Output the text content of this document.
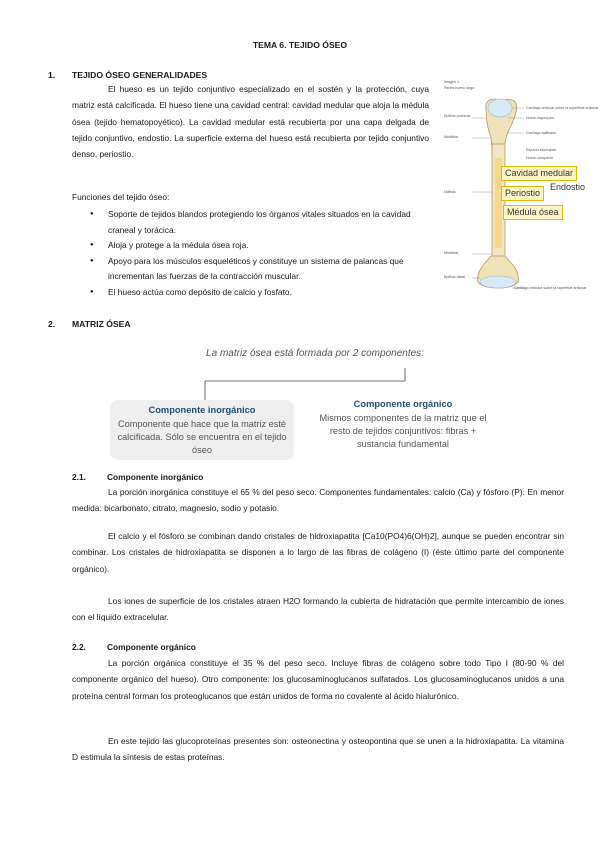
TEMA 6. TEJIDO ÓSEO
1. TEJIDO ÓSEO GENERALIDADES
El hueso es un tejido conjuntivo especializado en el sostén y la protección, cuya matriz está calcificada. El hueso tiene una cavidad central: cavidad medular que aloja la médula ósea (tejido hematopoyético). La cavidad medular está recubierta por una capa delgada de tejido conjuntivo, endostio. La superficie externa del hueso está recubierta por tejido conjuntivo denso, periostio.
Funciones del tejido óseo:
● Soporte de tejidos blandos protegiendo los órganos vitales situados en la cavidad craneal y torácica.
● Aloja y protege a la médula ósea roja.
● Apoyo para los músculos esqueléticos y constituye un sistema de palancas que incrementan las fuerzas de la contracción muscular.
● El hueso actúa como depósito de calcio y fosfato.
Imagen 1.
Partes hueso largo
Epífisis proximal
Metáfisis
Diáfisis
Metáfisis
Epífisis distal
Cartílago articular sobre la superficie articular
Hueso esponjoso
Cartílago epifisario
Espacio esponjoso
Hueso compacto
Cartílago articular sobre la superficie articular
Cavidad medular
Endostio
Periostio
Médula ósea
2. MATRIZ ÓSEA
La matriz ósea está formada por 2 componentes:
Componente inorgánico
Componente que hace que la matriz esté calcificada. Sólo se encuentra en el tejido óseo
Componente orgánico
Mismos componentes de la matriz que el resto de tejidos conjuntivos: fibras + sustancia fundamental
2.1.	Componente inorgánico
La porción inorgánica constituye el 65 % del peso seco. Componentes fundamentales: calcio (Ca) y fósforo (P). En menor medida: bicarbonato, citrato, magnesio, sodio y potasio.
El calcio y el fósforo se combinan dando cristales de hidroxiapatita [Ca10(PO4)6(OH)2], aunque se pueden encontrar sin combinar. Los cristales de hidroxiapatita se disponen a lo largo de las fibras de colágeno (I) (éste último parte del componente orgánico).
Los iones de superficie de los cristales atraen H2O formando la cubierta de hidratación que permite intercambio de iones con el líquido extracelular.
2.2.	Componente orgánico
La porción orgánica constituye el 35 % del peso seco. Incluye fibras de colágeno sobre todo Tipo I (80-90 % del componente orgánico del hueso). Otro componente: los glucosaminoglucanos sulfatados. Los glucosaminoglucanos unidos a una proteína central forman los proteoglucanos que están unidos de forma no covalente al ácido hialurónico.
En este tejido las glucoproteínas presentes son: osteonectina y osteopontina que se unen a la hidroxiapatita. La vitamina D estimula la síntesis de estas proteínas.
